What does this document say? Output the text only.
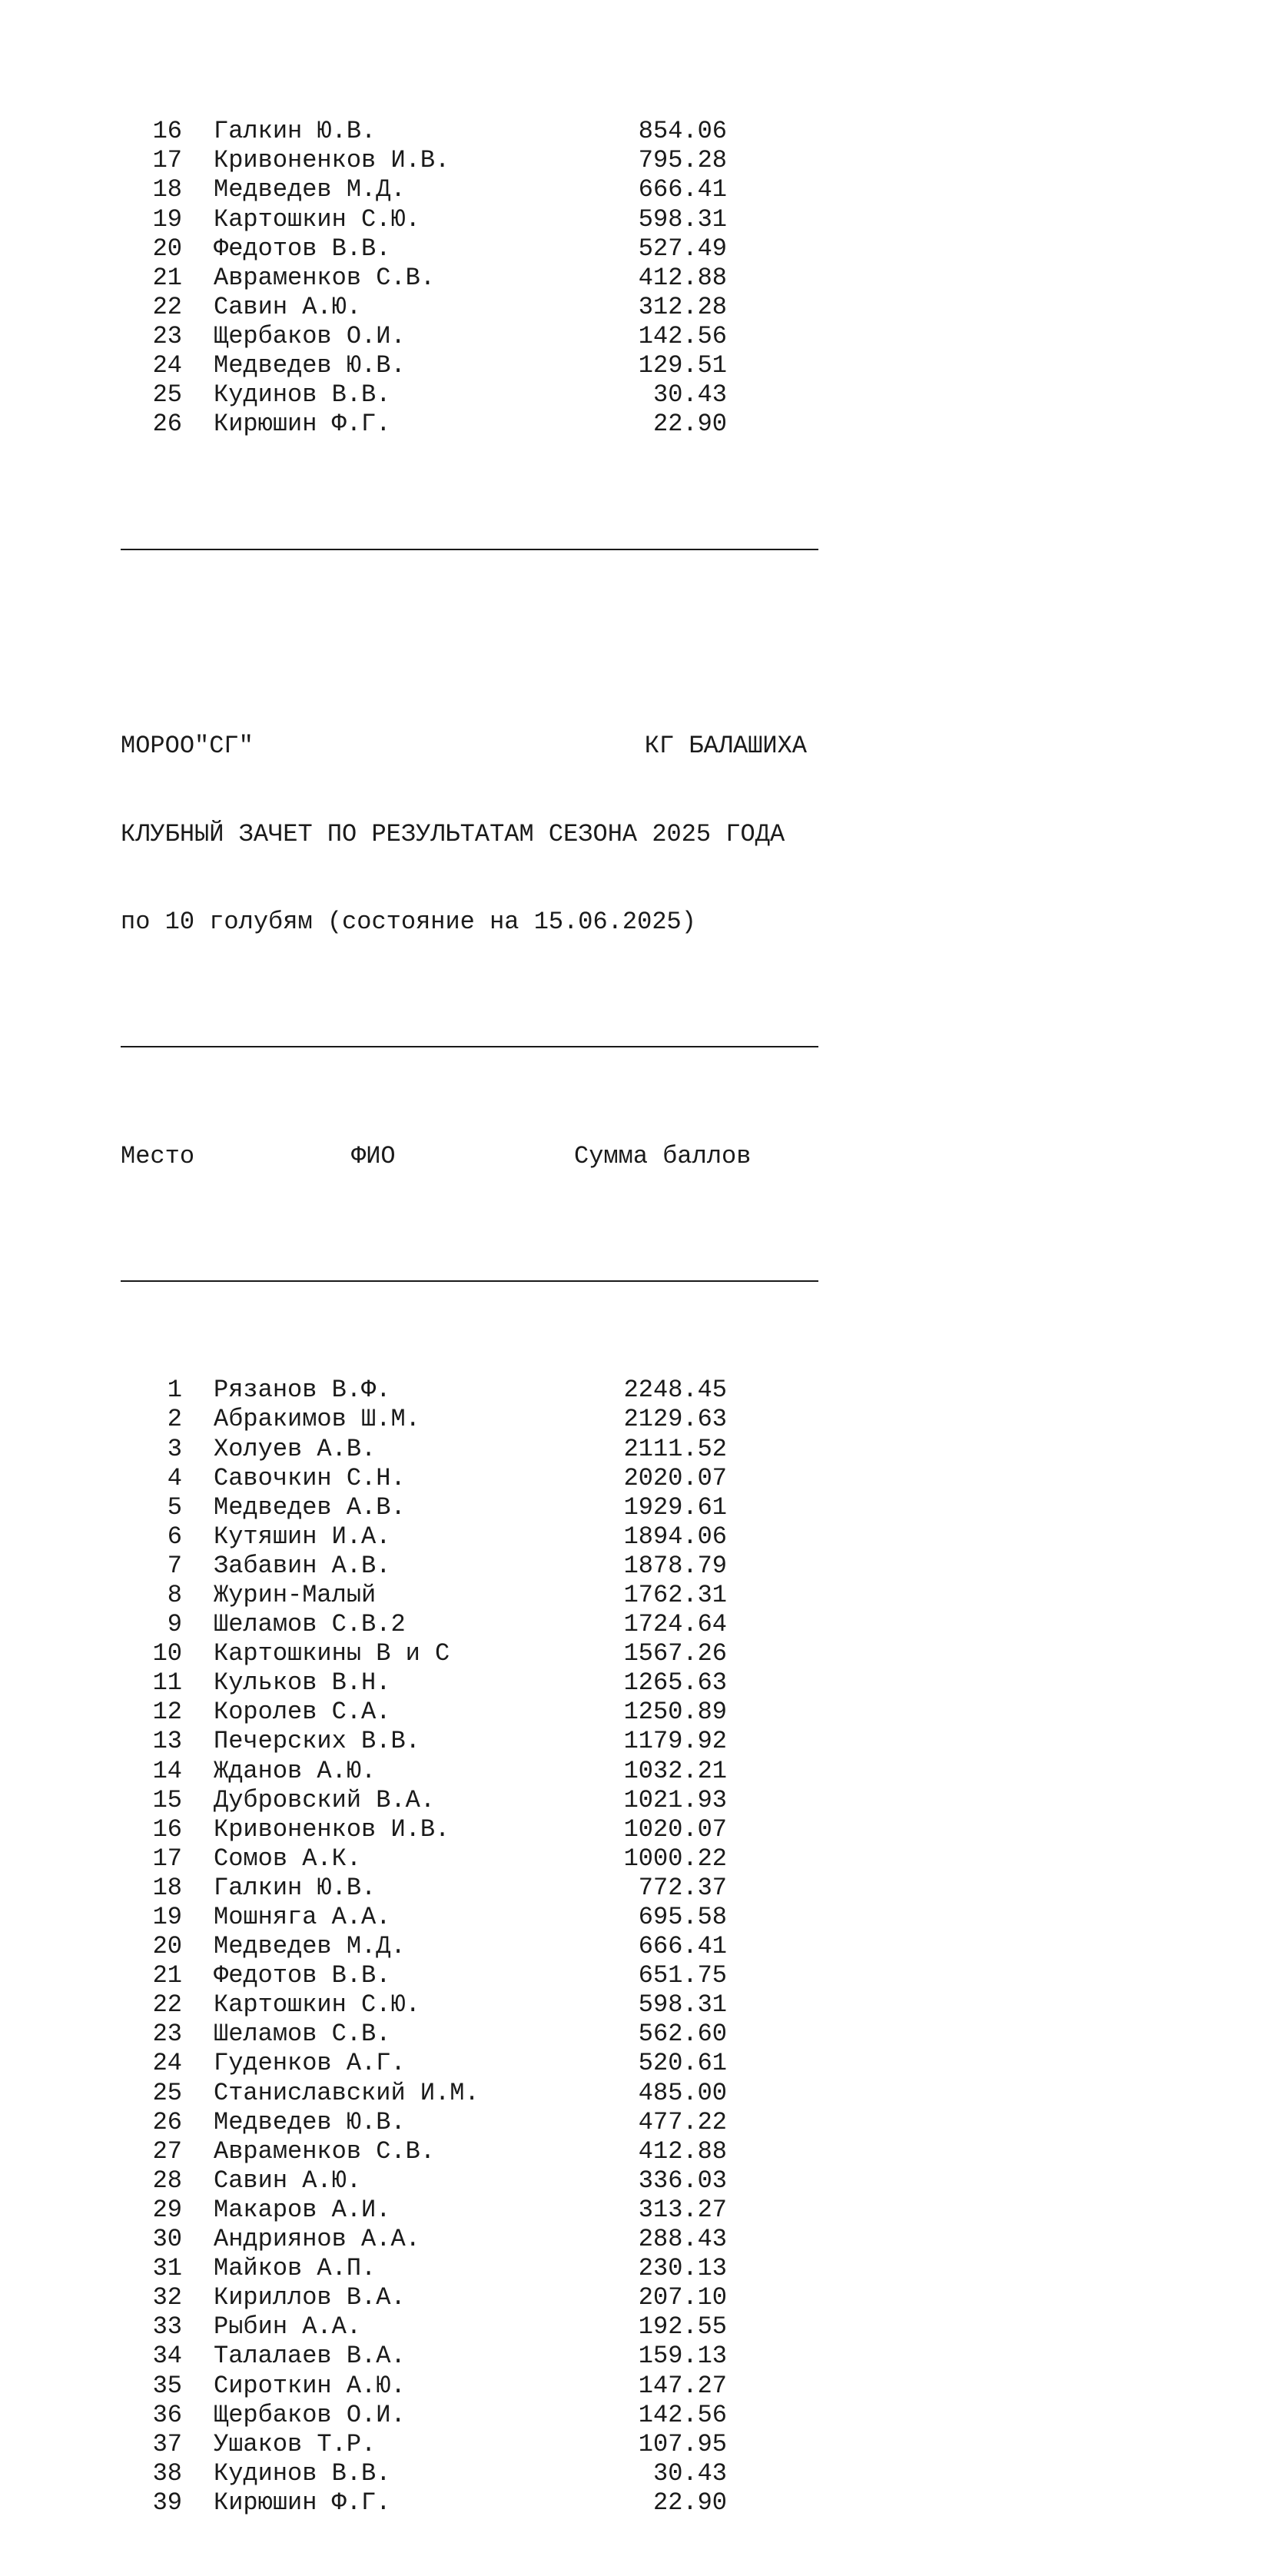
16	Галкин Ю.В.	854.06
17	Кривоненков И.В.	795.28
18	Медведев М.Д.	666.41
19	Картошкин С.Ю.	598.31
20	Федотов В.В.	527.49
21	Авраменков С.В.	412.88
22	Савин А.Ю.	312.28
23	Щербаков О.И.	142.56
24	Медведев Ю.В.	129.51
25	Кудинов В.В.	30.43
26	Кирюшин Ф.Г.	22.90

МОРОО"СГ"	КГ БАЛАШИХА

КЛУБНЫЙ ЗАЧЕТ ПО РЕЗУЛЬТАТАМ СЕЗОНА 2025 ГОДА

по 10 голубям (состояние на 15.06.2025)

Место	ФИО	Сумма баллов

1	Рязанов В.Ф.	2248.45
2	Абракимов Ш.М.	2129.63
3	Холуев А.В.	2111.52
4	Савочкин С.Н.	2020.07
5	Медведев А.В.	1929.61
6	Кутяшин И.А.	1894.06
7	Забавин А.В.	1878.79
8	Журин-Малый	1762.31
9	Шеламов С.В.2	1724.64
10	Картошкины В и С	1567.26
11	Кульков В.Н.	1265.63
12	Королев С.А.	1250.89
13	Печерских В.В.	1179.92
14	Жданов А.Ю.	1032.21
15	Дубровский В.А.	1021.93
16	Кривоненков И.В.	1020.07
17	Сомов А.К.	1000.22
18	Галкин Ю.В.	772.37
19	Мошняга А.А.	695.58
20	Медведев М.Д.	666.41
21	Федотов В.В.	651.75
22	Картошкин С.Ю.	598.31
23	Шеламов С.В.	562.60
24	Гуденков А.Г.	520.61
25	Станиславский И.М.	485.00
26	Медведев Ю.В.	477.22
27	Авраменков С.В.	412.88
28	Савин А.Ю.	336.03
29	Макаров А.И.	313.27
30	Андриянов А.А.	288.43
31	Майков А.П.	230.13
32	Кириллов В.А.	207.10
33	Рыбин А.А.	192.55
34	Талалаев В.А.	159.13
35	Сироткин А.Ю.	147.27
36	Щербаков О.И.	142.56
37	Ушаков Т.Р.	107.95
38	Кудинов В.В.	30.43
39	Кирюшин Ф.Г.	22.90
